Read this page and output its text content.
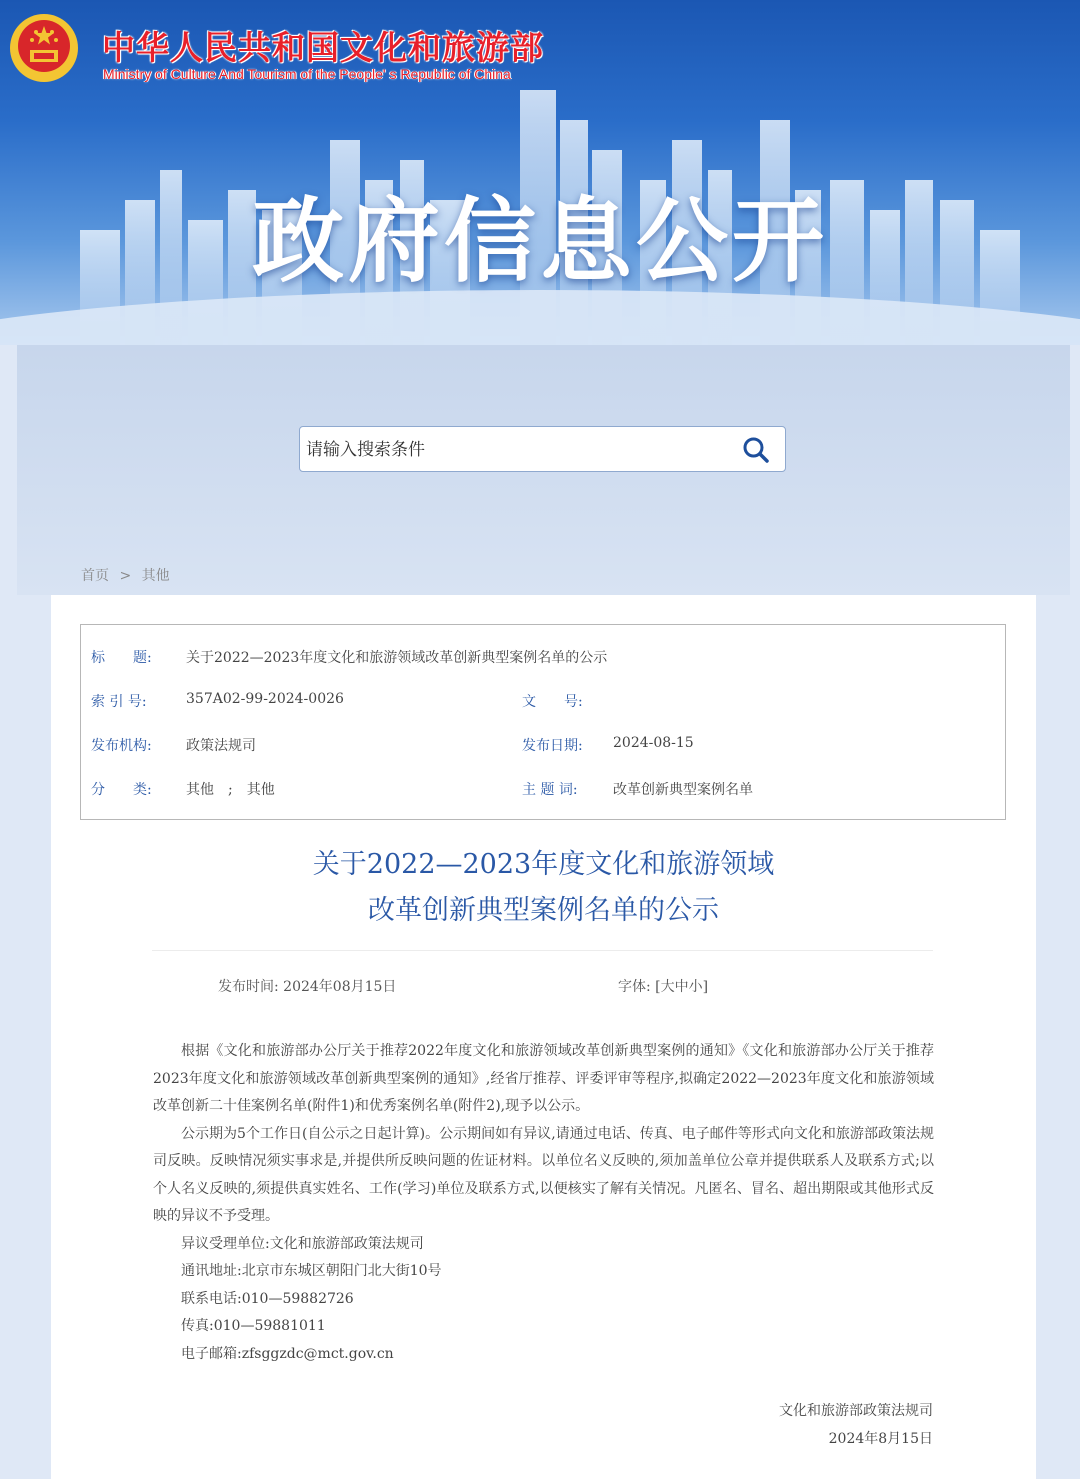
中华人民共和国文化和旅游部
Ministry of Culture And Tourism of the People' s Republic of China
政府信息公开
请输入搜索条件
首页 > 其他
标　　题: 关于2022—2023年度文化和旅游领域改革创新典型案例名单的公示
索 引 号:	357A02-99-2024-0026	文　　号:
发布机构: 政策法规司	发布日期: 2024-08-15
分　　类: 其他　;　其他	主 题 词:	改革创新典型案例名单
关于2022—2023年度文化和旅游领域
改革创新典型案例名单的公示
发布时间: 2024年08月15日	字体: [大中小]

根据《文化和旅游部办公厅关于推荐2022年度文化和旅游领域改革创新典型案例的通知》《文化和旅游部办公厅关于推荐2023年度文化和旅游领域改革创新典型案例的通知》,经省厅推荐、评委评审等程序,拟确定2022—2023年度文化和旅游领域改革创新二十佳案例名单(附件1)和优秀案例名单(附件2),现予以公示。

公示期为5个工作日(自公示之日起计算)。公示期间如有异议,请通过电话、传真、电子邮件等形式向文化和旅游部政策法规司反映。反映情况须实事求是,并提供所反映问题的佐证材料。以单位名义反映的,须加盖单位公章并提供联系人及联系方式;以个人名义反映的,须提供真实姓名、工作(学习)单位及联系方式,以便核实了解有关情况。凡匿名、冒名、超出期限或其他形式反映的异议不予受理。

异议受理单位:文化和旅游部政策法规司

通讯地址:北京市东城区朝阳门北大街10号

联系电话:010—59882726

传真:010—59881011

电子邮箱:zfsggzdc@mct.gov.cn

文化和旅游部政策法规司
2024年8月15日
